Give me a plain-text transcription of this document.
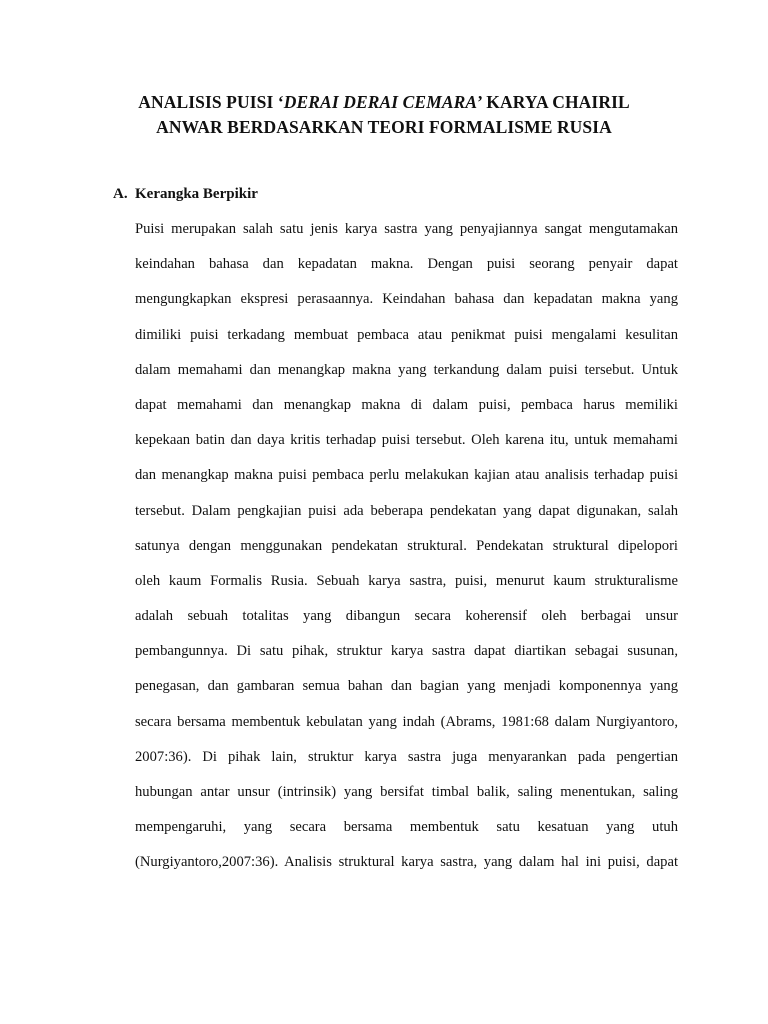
ANALISIS PUISI ‘DERAI DERAI CEMARA’ KARYA CHAIRIL
ANWAR BERDASARKAN TEORI FORMALISME RUSIA
A. Kerangka Berpikir
Puisi merupakan salah satu jenis karya sastra yang penyajiannya sangat mengutamakan
keindahan bahasa dan kepadatan makna. Dengan puisi seorang penyair dapat
mengungkapkan ekspresi perasaannya. Keindahan bahasa dan kepadatan makna yang
dimiliki puisi terkadang membuat pembaca atau penikmat puisi mengalami kesulitan
dalam memahami dan menangkap makna yang terkandung dalam puisi tersebut. Untuk
dapat memahami dan menangkap makna di dalam puisi, pembaca harus memiliki
kepekaan batin dan daya kritis terhadap puisi tersebut. Oleh karena itu, untuk memahami
dan menangkap makna puisi pembaca perlu melakukan kajian atau analisis terhadap puisi
tersebut. Dalam pengkajian puisi ada beberapa pendekatan yang dapat digunakan, salah
satunya dengan menggunakan pendekatan struktural. Pendekatan struktural dipelopori
oleh kaum Formalis Rusia. Sebuah karya sastra, puisi, menurut kaum strukturalisme
adalah sebuah totalitas yang dibangun secara koherensif oleh berbagai unsur
pembangunnya. Di satu pihak, struktur karya sastra dapat diartikan sebagai susunan,
penegasan, dan gambaran semua bahan dan bagian yang menjadi komponennya yang
secara bersama membentuk kebulatan yang indah (Abrams, 1981:68 dalam Nurgiyantoro,
2007:36). Di pihak lain, struktur karya sastra juga menyarankan pada pengertian
hubungan antar unsur (intrinsik) yang bersifat timbal balik, saling menentukan, saling
mempengaruhi, yang secara bersama membentuk satu kesatuan yang utuh
(Nurgiyantoro,2007:36). Analisis struktural karya sastra, yang dalam hal ini puisi, dapat
